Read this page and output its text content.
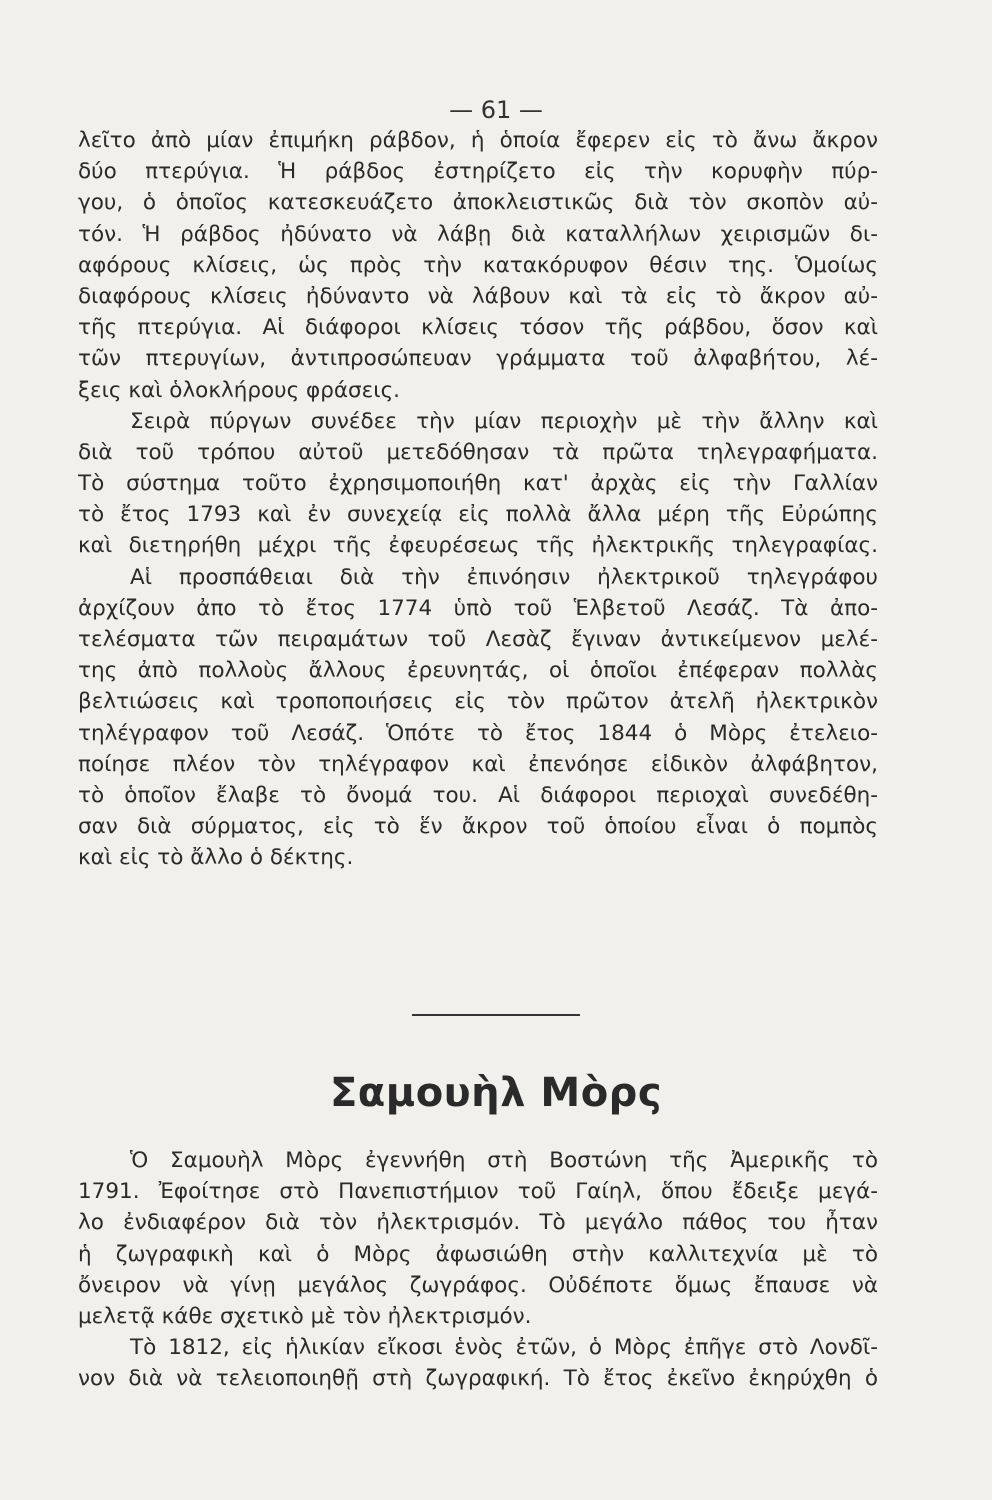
— 61 —
λεῖτο ἀπὸ μίαν ἐπιμήκη ράβδον, ἡ ὁποία ἔφερεν εἰς τὸ ἄνω ἄκρον
δύο πτερύγια. Ἡ ράβδος ἐστηρίζετο εἰς τὴν κορυφὴν πύρ-
γου, ὁ ὁποῖος κατεσκευάζετο ἀποκλειστικῶς διὰ τὸν σκοπὸν αὐ-
τόν. Ἡ ράβδος ἠδύνατο νὰ λάβῃ διὰ καταλλήλων χειρισμῶν δι-
αφόρους κλίσεις, ὡς πρὸς τὴν κατακόρυφον θέσιν της. Ὁμοίως
διαφόρους κλίσεις ἠδύναντο νὰ λάβουν καὶ τὰ εἰς τὸ ἄκρον αὐ-
τῆς πτερύγια. Αἱ διάφοροι κλίσεις τόσον τῆς ράβδου, ὅσον καὶ
τῶν πτερυγίων, ἀντιπροσώπευαν γράμματα τοῦ ἀλφαβήτου, λέ-
ξεις καὶ ὁλοκλήρους φράσεις.
Σειρὰ πύργων συνέδεε τὴν μίαν περιοχὴν μὲ τὴν ἄλλην καὶ
διὰ τοῦ τρόπου αὐτοῦ μετεδόθησαν τὰ πρῶτα τηλεγραφήματα.
Τὸ σύστημα τοῦτο ἐχρησιμοποιήθη κατ' ἀρχὰς εἰς τὴν Γαλλίαν
τὸ ἔτος 1793 καὶ ἐν συνεχείᾳ εἰς πολλὰ ἄλλα μέρη τῆς Εὐρώπης
καὶ διετηρήθη μέχρι τῆς ἐφευρέσεως τῆς ἠλεκτρικῆς τηλεγραφίας.
Αἱ προσπάθειαι διὰ τὴν ἐπινόησιν ἠλεκτρικοῦ τηλεγράφου
ἀρχίζουν ἀπο τὸ ἔτος 1774 ὑπὸ τοῦ Ἑλβετοῦ Λεσάζ. Τὰ ἀπο-
τελέσματα τῶν πειραμάτων τοῦ Λεσὰζ ἔγιναν ἀντικείμενον μελέ-
της ἀπὸ πολλοὺς ἄλλους ἐρευνητάς, οἱ ὁποῖοι ἐπέφεραν πολλὰς
βελτιώσεις καὶ τροποποιήσεις εἰς τὸν πρῶτον ἀτελῆ ἠλεκτρικὸν
τηλέγραφον τοῦ Λεσάζ. Ὁπότε τὸ ἔτος 1844 ὁ Μὸρς ἐτελειο-
ποίησε πλέον τὸν τηλέγραφον καὶ ἐπενόησε εἰδικὸν ἀλφάβητον,
τὸ ὁποῖον ἔλαβε τὸ ὄνομά του. Αἱ διάφοροι περιοχαὶ συνεδέθη-
σαν διὰ σύρματος, εἰς τὸ ἕν ἄκρον τοῦ ὁποίου εἶναι ὁ πομπὸς
καὶ εἰς τὸ ἄλλο ὁ δέκτης.
Σαμουὴλ Μὸρς
Ὁ Σαμουὴλ Μὸρς ἐγεννήθη στὴ Βοστώνη τῆς Ἀμερικῆς τὸ
1791. Ἐφοίτησε στὸ Πανεπιστήμιον τοῦ Γαίηλ, ὅπου ἔδειξε μεγά-
λο ἐνδιαφέρον διὰ τὸν ἠλεκτρισμόν. Τὸ μεγάλο πάθος του ἦταν
ἡ ζωγραφικὴ καὶ ὁ Μὸρς ἀφωσιώθη στὴν καλλιτεχνία μὲ τὸ
ὄνειρον νὰ γίνῃ μεγάλος ζωγράφος. Οὐδέποτε ὅμως ἔπαυσε νὰ
μελετᾷ κάθε σχετικὸ μὲ τὸν ἠλεκτρισμόν.
Τὸ 1812, εἰς ἡλικίαν εἴκοσι ἑνὸς ἐτῶν, ὁ Μὸρς ἐπῆγε στὸ Λονδῖ-
νον διὰ νὰ τελειοποιηθῇ στὴ ζωγραφική. Τὸ ἔτος ἐκεῖνο ἐκηρύχθη ὁ
